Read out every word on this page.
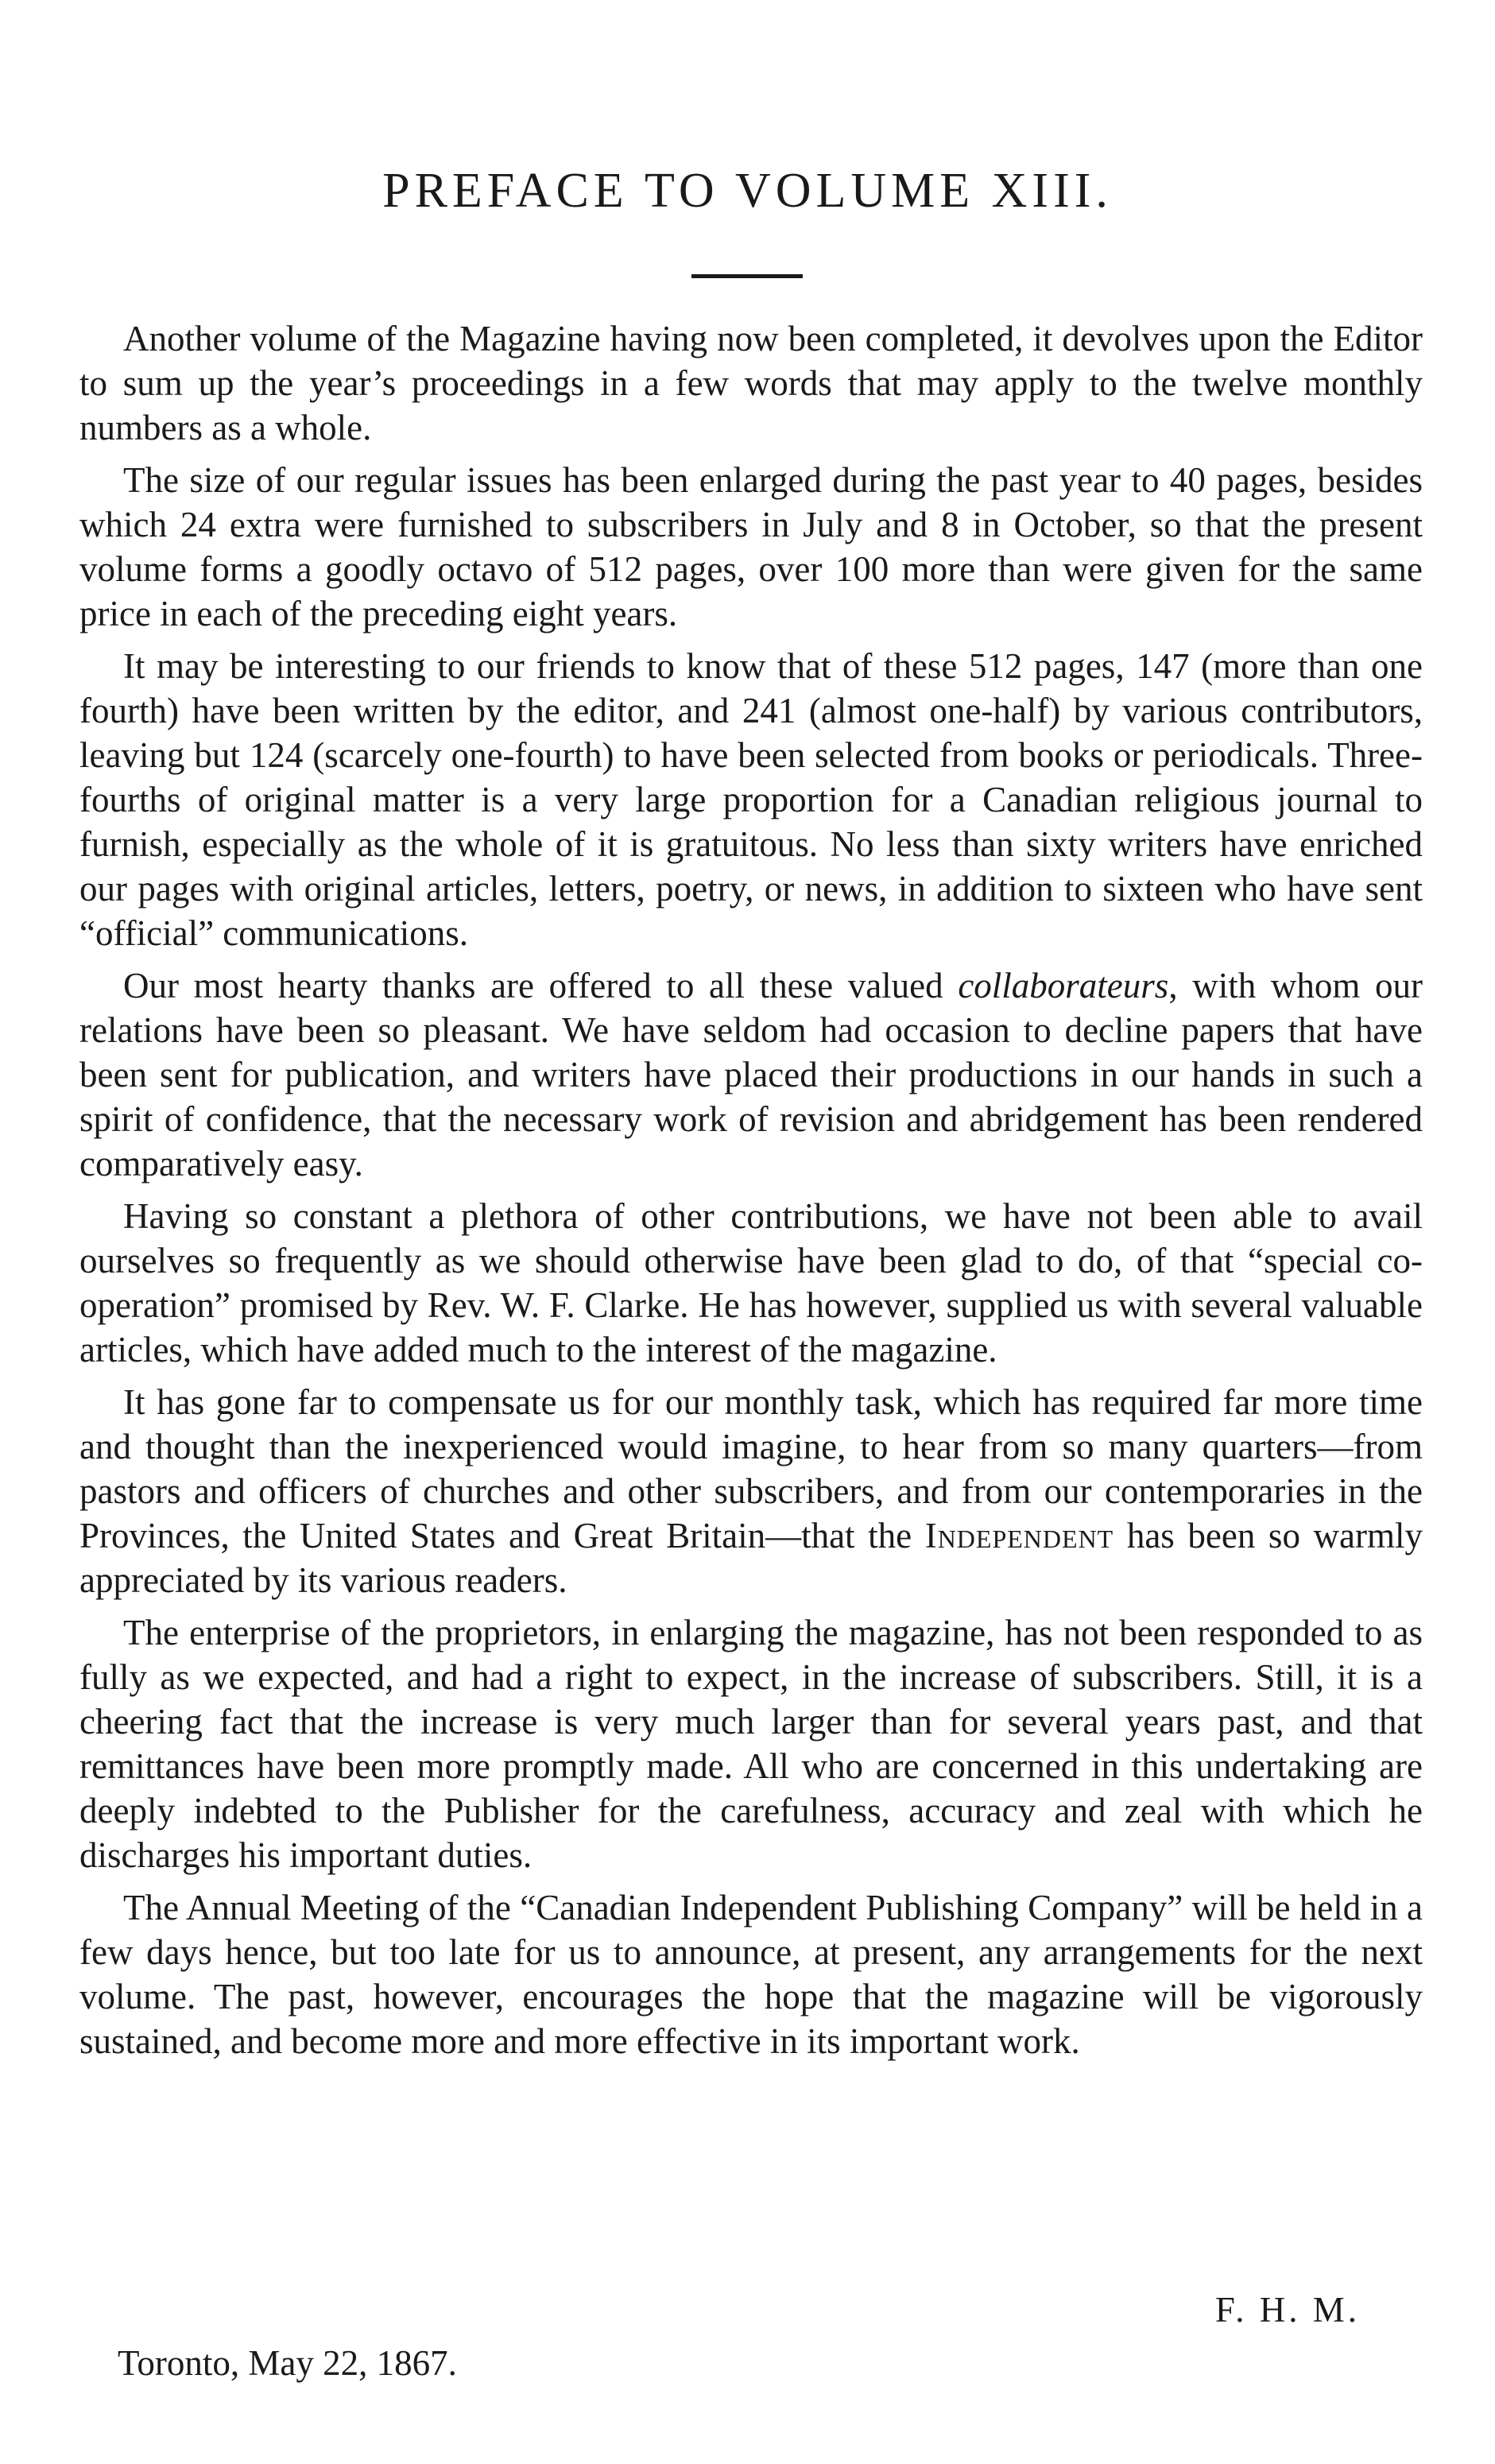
PREFACE TO VOLUME XIII.

Another volume of the Magazine having now been completed, it devolves upon the Editor to sum up the year’s proceedings in a few words that may apply to the twelve monthly numbers as a whole.

The size of our regular issues has been enlarged during the past year to 40 pages, besides which 24 extra were furnished to subscribers in July and 8 in October, so that the present volume forms a goodly octavo of 512 pages, over 100 more than were given for the same price in each of the preceding eight years.

It may be interesting to our friends to know that of these 512 pages, 147 (more than one fourth) have been written by the editor, and 241 (almost one-half) by various contributors, leaving but 124 (scarcely one-fourth) to have been selected from books or periodicals. Three-fourths of original matter is a very large proportion for a Canadian religious journal to furnish, especially as the whole of it is gratuitous. No less than sixty writers have enriched our pages with original articles, letters, poetry, or news, in addition to sixteen who have sent “official” communications.

Our most hearty thanks are offered to all these valued collaborateurs, with whom our relations have been so pleasant. We have seldom had occasion to decline papers that have been sent for publication, and writers have placed their productions in our hands in such a spirit of confidence, that the necessary work of revision and abridgement has been rendered comparatively easy.

Having so constant a plethora of other contributions, we have not been able to avail ourselves so frequently as we should otherwise have been glad to do, of that “special co-operation” promised by Rev. W. F. Clarke. He has however, supplied us with several valuable articles, which have added much to the interest of the magazine.

It has gone far to compensate us for our monthly task, which has required far more time and thought than the inexperienced would imagine, to hear from so many quarters—from pastors and officers of churches and other subscribers, and from our contemporaries in the Provinces, the United States and Great Britain—that the Independent has been so warmly appreciated by its various readers.

The enterprise of the proprietors, in enlarging the magazine, has not been responded to as fully as we expected, and had a right to expect, in the increase of subscribers. Still, it is a cheering fact that the increase is very much larger than for several years past, and that remittances have been more promptly made. All who are concerned in this undertaking are deeply indebted to the Publisher for the carefulness, accuracy and zeal with which he discharges his important duties.

The Annual Meeting of the “Canadian Independent Publishing Company” will be held in a few days hence, but too late for us to announce, at present, any arrangements for the next volume. The past, however, encourages the hope that the magazine will be vigorously sustained, and become more and more effective in its important work.

F. H. M.
Toronto, May 22, 1867.
